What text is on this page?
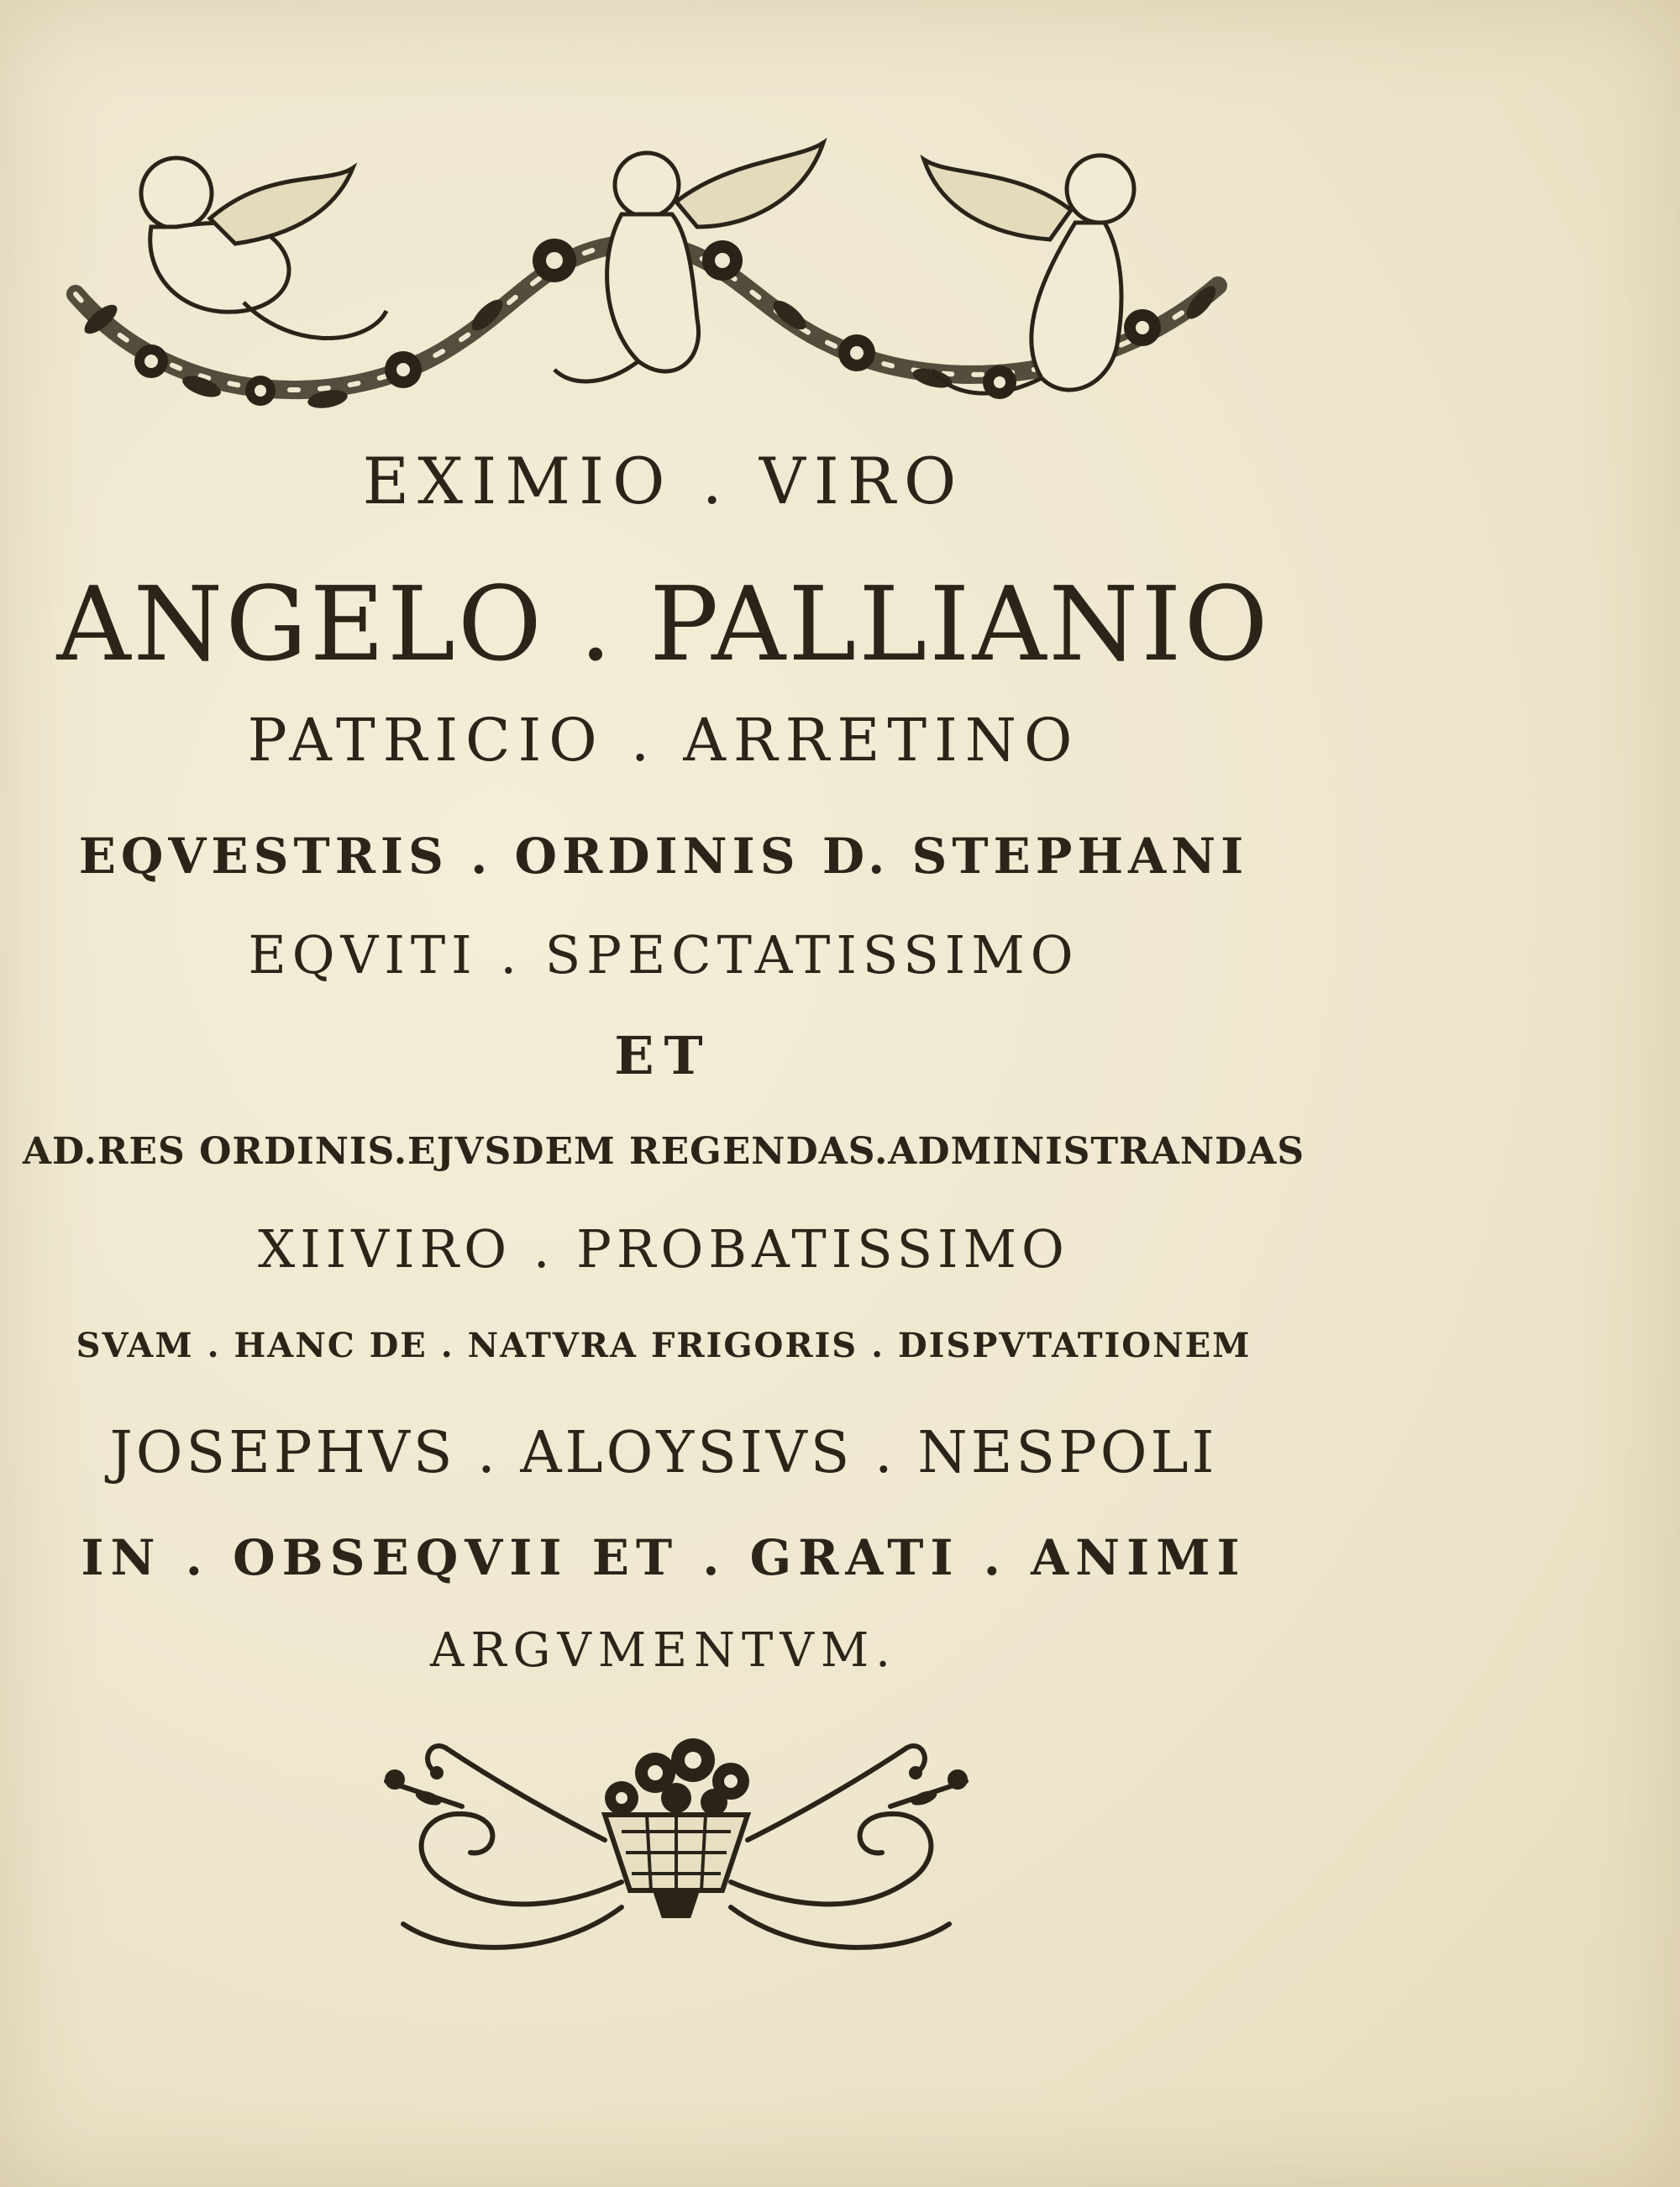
EXIMIO . VIRO
ANGELO . PALLIANIO
PATRICIO . ARRETINO
EQVESTRIS . ORDINIS D. STEPHANI
EQVITI . SPECTATISSIMO
ET
AD.RES ORDINIS.EJVSDEM REGENDAS.ADMINISTRANDAS
XIIVIRO . PROBATISSIMO
SVAM . HANC DE . NATVRA FRIGORIS . DISPVTATIONEM
JOSEPHVS . ALOYSIVS . NESPOLI
IN . OBSEQVII ET . GRATI . ANIMI
ARGVMENTVM.
